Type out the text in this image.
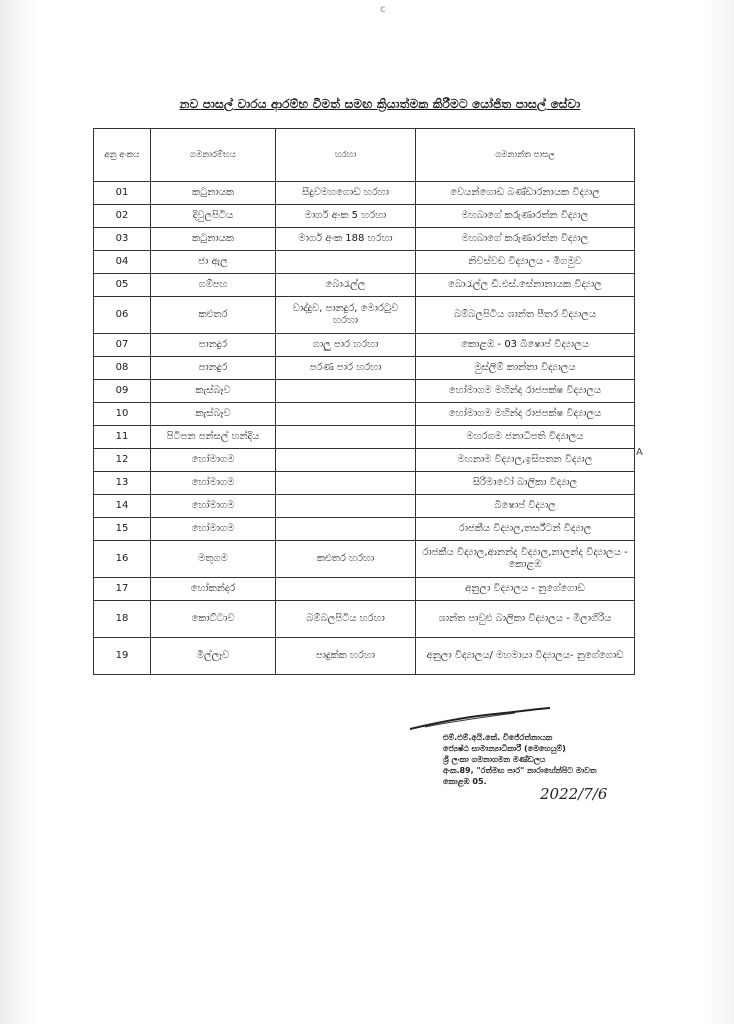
c
නව පාසල් වාරය ආරම්භ වීමත් සමඟ ක්‍රියාත්මක කිරීමට යෝජිත පාසල් සේවා
අනු අංකය	ගමනාරම්භය	හරහා	ගමනාන්ත පාසල
01	කටුනායක	සීදුවමහගොඩ හරහා	වෙයන්ගොඩ බණ්ඩාරනායක විද්‍යාල
02	දිවුලපිටිය	මාර්ග අංක 5 හරහා	මහබාගේ කරුණාරත්න විද්‍යාල
03	කටුනායක	මාර්ග අංක 188 හරහා	මහබාගේ කරුණාරත්න විද්‍යාල
04	ජා ඇල		නිවස්වඩ විද්‍යාලය - මිගමුව
05	ගම්පහ	බොරැල්ල	බොරැල්ල ඩී.එස්.සේනානායක විද්‍යාල
06	කළුතර	වාද්දුව, පානදුර, මොරටුව හරහා	බම්බලපිටිය ශාන්ත පීතර විද්‍යාලය
07	පානදුර	ගාලු පාර හරහා	කොළඹ - 03 බිෂොප් විද්‍යාලය
08	පානදුර	පරණ පාර හරහා	මුස්ලිම් කාන්තා විද්‍යාලය
09	කැස්බෑව		හෝමාගම මහින්ද රාජපක්ෂ විද්‍යාලය
10	කැස්බෑව		හෝමාගම මහින්ද රාජපක්ෂ විද්‍යාලය
11	පිටිපන පන්සල් හන්දිය		මහරගම ජනාධිපති විද්‍යාලය
12	හෝමාගම		මහනාම විද්‍යාල,ඉසිපතන විද්‍යාල
13	හෝමාගම		සිරිමාවෝ බාලිකා විද්‍යාල
14	හෝමාගම		බිෂොප් විද්‍යාල
15	හෝමාගම		රාජකීය විද්‍යාල,තර්ස්ටන් විද්‍යාල
16	මතුගම	කළුතර හරහා	රාජකීය විද්‍යාල,ආනන්ද විද්‍යාල,නාලන්ද විද්‍යාලය - කොළඹ
17	හෝකන්දර		අනුලා විද්‍යාලය - නුගේගොඩ
18	කොට්ටාව	බම්බලපිටිය හරහා	ශාන්ත පාවුළු බාලිකා විද්‍යාලය - මිලාගිරිය
19	මිල්ලෑව	පාදුක්ක හරහා	අනුලා විද්‍යාලය/ මහමායා විද්‍යාලය- නුගේගොඩ
A
එම්.එම්.අයි.කේ. විජේරත්නායක
ජ්‍යෙෂ්ඨ සාමාන්‍යාධිකාරී (මෙහෙයුම්)
ශ්‍රී ලංකා ගමනාගමන මණ්ඩලය
අංක.89, "රත්මඟ පාර" නාරාහේන්පිට මාවත
කොළඹ 05.
2022/7/6
